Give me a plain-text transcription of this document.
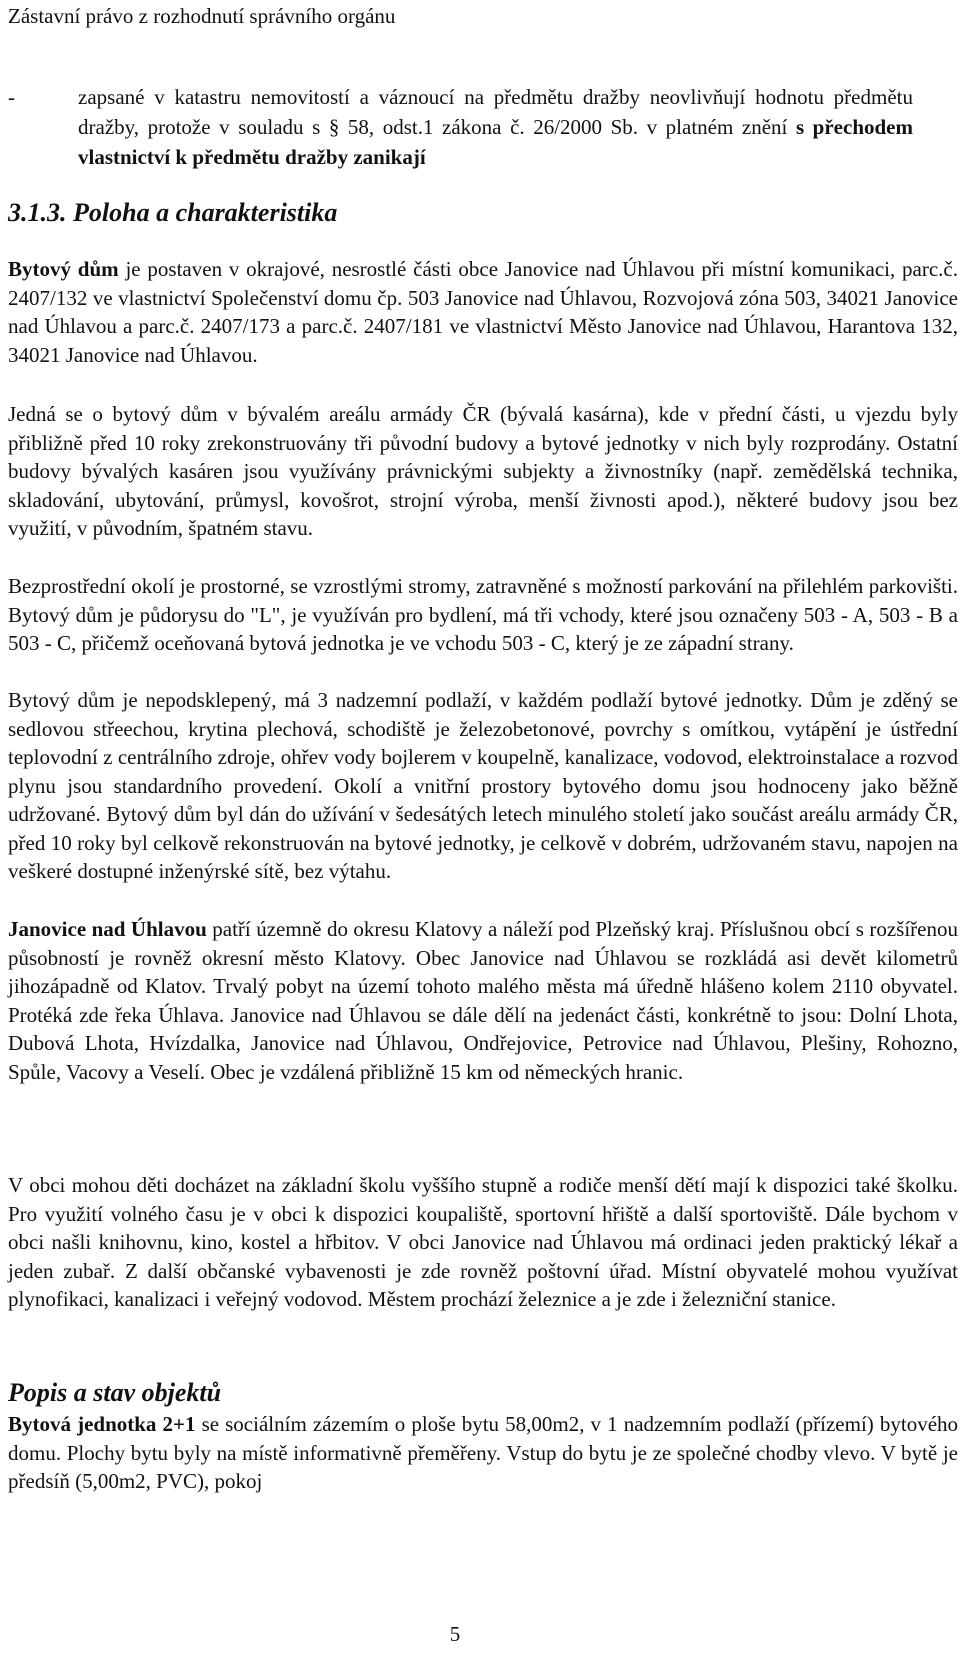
Zástavní právo z rozhodnutí správního orgánu
-	zapsané v katastru nemovitostí a váznoucí na předmětu dražby neovlivňují hodnotu předmětu dražby, protože v souladu s § 58, odst.1 zákona č. 26/2000 Sb. v platném znění s přechodem vlastnictví k předmětu dražby zanikají

3.1.3. Poloha a charakteristika

Bytový dům je postaven v okrajové, nesrostlé části obce Janovice nad Úhlavou při místní komunikaci, parc.č. 2407/132 ve vlastnictví Společenství domu čp. 503 Janovice nad Úhlavou, Rozvojová zóna 503, 34021 Janovice nad Úhlavou a parc.č. 2407/173 a parc.č. 2407/181 ve vlastnictví Město Janovice nad Úhlavou, Harantova 132, 34021 Janovice nad Úhlavou.

Jedná se o bytový dům v bývalém areálu armády ČR (bývalá kasárna), kde v přední části, u vjezdu byly přibližně před 10 roky zrekonstruovány tři původní budovy a bytové jednotky v nich byly rozprodány. Ostatní budovy bývalých kasáren jsou využívány právnickými subjekty a živnostníky (např. zemědělská technika, skladování, ubytování, průmysl, kovošrot, strojní výroba, menší živnosti apod.), některé budovy jsou bez využití, v původním, špatném stavu.

Bezprostřední okolí je prostorné, se vzrostlými stromy, zatravněné s možností parkování na přilehlém parkovišti. Bytový dům je půdorysu do "L", je využíván pro bydlení, má tři vchody, které jsou označeny 503 - A, 503 - B a 503 - C, přičemž oceňovaná bytová jednotka je ve vchodu 503 - C, který je ze západní strany.

Bytový dům je nepodsklepený, má 3 nadzemní podlaží, v každém podlaží bytové jednotky. Dům je zděný se sedlovou střeechou, krytina plechová, schodiště je železobetonové, povrchy s omítkou, vytápění je ústřední teplovodní z centrálního zdroje, ohřev vody bojlerem v koupelně, kanalizace, vodovod, elektroinstalace a rozvod plynu jsou standardního provedení. Okolí a vnitřní prostory bytového domu jsou hodnoceny jako běžně udržované. Bytový dům byl dán do užívání v šedesátých letech minulého století jako součást areálu armády ČR, před 10 roky byl celkově rekonstruován na bytové jednotky, je celkově v dobrém, udržovaném stavu, napojen na veškeré dostupné inženýrské sítě, bez výtahu.

Janovice nad Úhlavou patří územně do okresu Klatovy a náleží pod Plzeňský kraj. Příslušnou obcí s rozšířenou působností je rovněž okresní město Klatovy. Obec Janovice nad Úhlavou se rozkládá asi devět kilometrů jihozápadně od Klatov. Trvalý pobyt na území tohoto malého města má úředně hlášeno kolem 2110 obyvatel. Protéká zde řeka Úhlava. Janovice nad Úhlavou se dále dělí na jedenáct části, konkrétně to jsou: Dolní Lhota, Dubová Lhota, Hvízdalka, Janovice nad Úhlavou, Ondřejovice, Petrovice nad Úhlavou, Plešiny, Rohozno, Spůle, Vacovy a Veselí. Obec je vzdálená přibližně 15 km od německých hranic.

V obci mohou děti docházet na základní školu vyššího stupně a rodiče menší dětí mají k dispozici také školku. Pro využití volného času je v obci k dispozici koupaliště, sportovní hřiště a další sportoviště. Dále bychom v obci našli knihovnu, kino, kostel a hřbitov. V obci Janovice nad Úhlavou má ordinaci jeden praktický lékař a jeden zubař. Z další občanské vybavenosti je zde rovněž poštovní úřad. Místní obyvatelé mohou využívat plynofikaci, kanalizaci i veřejný vodovod. Městem prochází železnice a je zde i železniční stanice.

Popis a stav objektů

Bytová jednotka 2+1 se sociálním zázemím o ploše bytu 58,00m2, v 1 nadzemním podlaží (přízemí) bytového domu. Plochy bytu byly na místě informativně přeměřeny. Vstup do bytu je ze společné chodby vlevo. V bytě je předsíň (5,00m2, PVC), pokoj

5
